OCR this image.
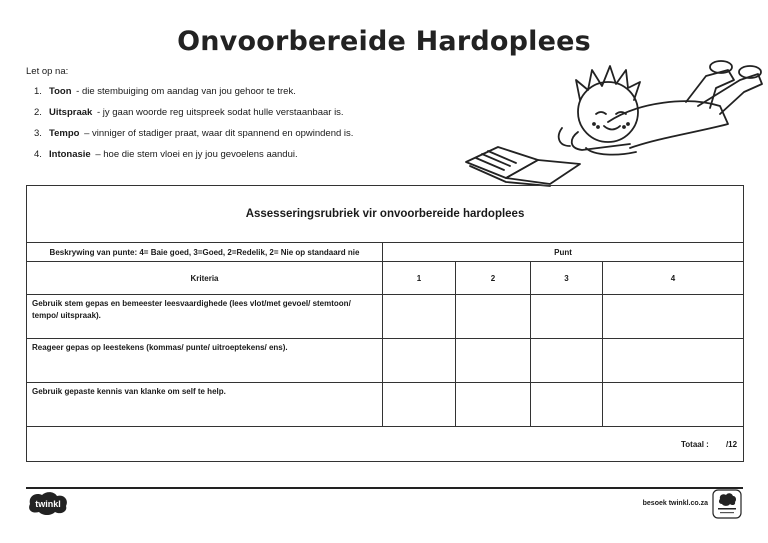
Onvoorbereide Hardoplees
Let op na:
1. Toon
- die stembuiging om aandag van jou gehoor te trek.
2. Uitspraak
- jy gaan woorde reg uitspreek sodat hulle verstaanbaar is.
3. Tempo
– vinniger of stadiger praat, waar dit spannend en opwindend is.
4. Intonasie
– hoe die stem vloei en jy jou gevoelens aandui.
Assesseringsrubriek vir onvoorbereide hardoplees				
Beskrywing van punte: 4= Baie goed, 3=Goed, 2=Redelik, 2= Nie op standaard nie	Punt			
Kriteria	1	2	3	4
Gebruik stem gepas en bemeester leesvaardighede (lees vlot/met gevoel/ stemtoon/ tempo/ uitspraak).				
Reageer gepas op leestekens (kommas/ punte/ uitroeptekens/ ens).				
Gebruik gepaste kennis van klanke om self te help.				
Totaal : /12				
twinkl	besoek twinkl.co.za
